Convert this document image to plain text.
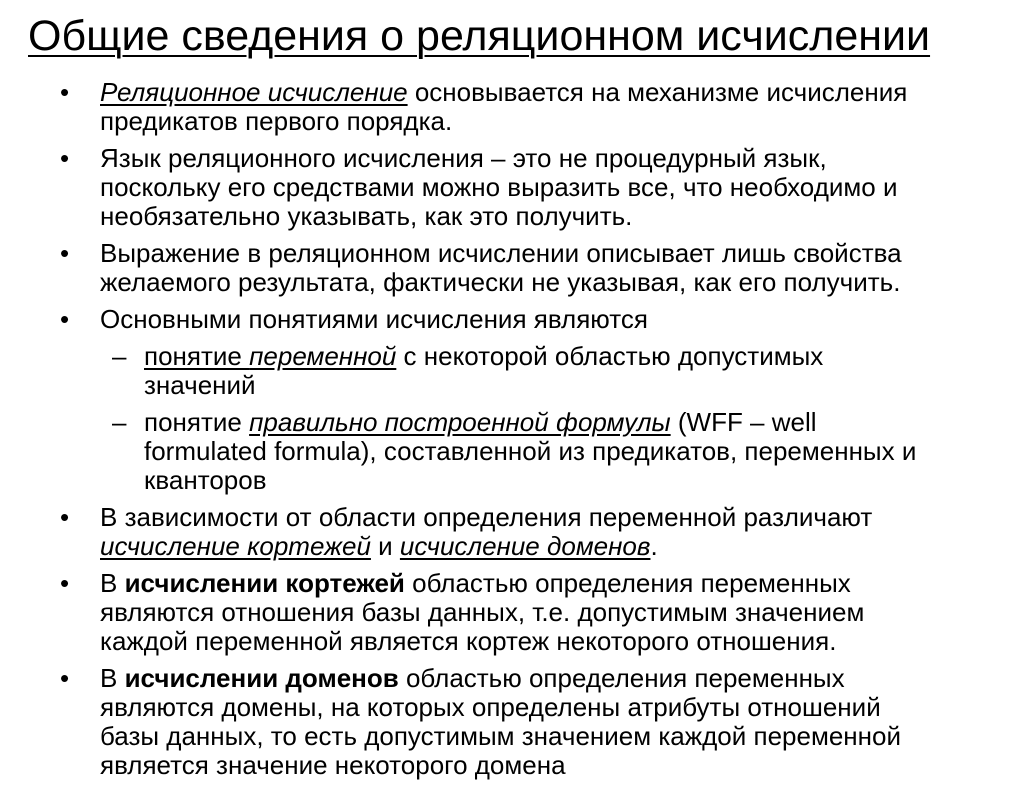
Общие сведения о реляционном исчислении
• Реляционное исчисление основывается на механизме исчисления
предикатов первого порядка.
• Язык реляционного исчисления – это не процедурный язык,
поскольку его средствами можно выразить все, что необходимо и
необязательно указывать, как это получить.
• Выражение в реляционном исчислении описывает лишь свойства
желаемого результата, фактически не указывая, как его получить.
• Основными понятиями исчисления являются
– понятие переменной с некоторой областью допустимых
значений
– понятие правильно построенной формулы (WFF – well
formulated formula), составленной из предикатов, переменных и
кванторов
• В зависимости от области определения переменной различают
исчисление кортежей и исчисление доменов.
• В исчислении кортежей областью определения переменных
являются отношения базы данных, т.е. допустимым значением
каждой переменной является кортеж некоторого отношения.
• В исчислении доменов областью определения переменных
являются домены, на которых определены атрибуты отношений
базы данных, то есть допустимым значением каждой переменной
является значение некоторого домена
